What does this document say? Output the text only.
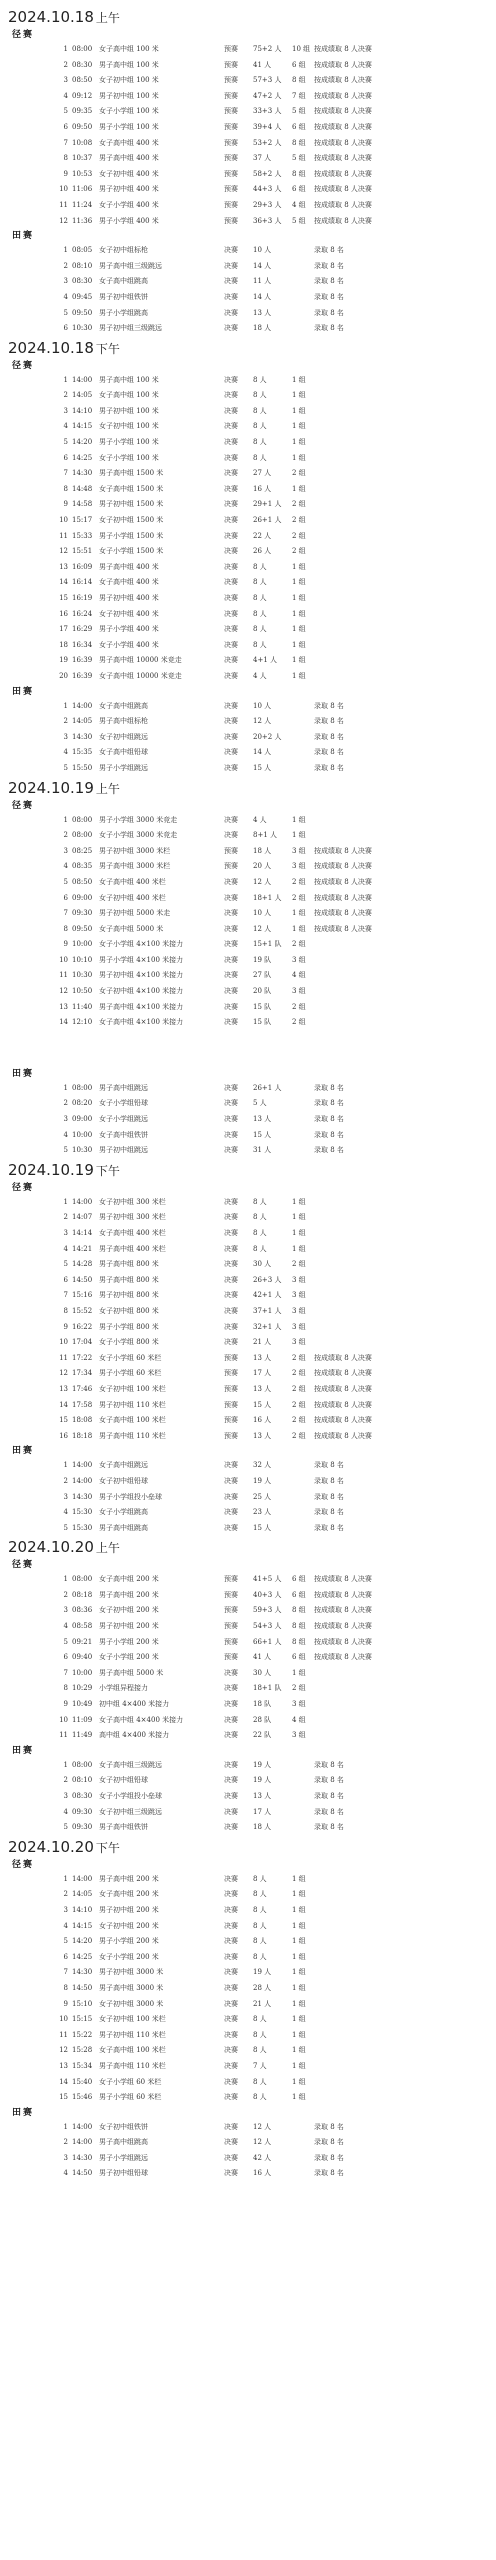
2024.10.18 上午
径赛
1 08:00 女子高中组 100 米	预赛 75+2 人 10 组 按成绩取 8 人决赛
2 08:30 男子高中组 100 米	预赛 41 人	6 组 按成绩取 8 人决赛
3 08:50 女子初中组 100 米	预赛 57+3 人 8 组 按成绩取 8 人决赛
4 09:12 男子初中组 100 米	预赛 47+2 人 7 组 按成绩取 8 人决赛
5 09:35 女子小学组 100 米	预赛 33+3 人 5 组 按成绩取 8 人决赛
6 09:50 男子小学组 100 米	预赛 39+4 人 6 组 按成绩取 8 人决赛
7 10:08 女子高中组 400 米	预赛 53+2 人 8 组 按成绩取 8 人决赛
8 10:37 男子高中组 400 米	预赛 37 人	5 组 按成绩取 8 人决赛
9 10:53 女子初中组 400 米	预赛 58+2 人 8 组 按成绩取 8 人决赛
10 11:06 男子初中组 400 米	预赛 44+3 人 6 组 按成绩取 8 人决赛
11 11:24 女子小学组 400 米	预赛 29+3 人 4 组 按成绩取 8 人决赛
12 11:36 男子小学组 400 米	预赛 36+3 人 5 组 按成绩取 8 人决赛
田赛
1 08:05 女子初中组标枪	决赛 10 人	录取 8 名
2 08:10 男子高中组三级跳远	决赛 14 人	录取 8 名
3 08:30 女子高中组跳高	决赛 11 人	录取 8 名
4 09:45 男子初中组铁饼	决赛 14 人	录取 8 名
5 09:50 男子小学组跳高	决赛 13 人	录取 8 名
6 10:30 男子初中组三级跳远	决赛 18 人	录取 8 名
2024.10.18 下午
径赛
1 14:00 男子高中组 100 米	决赛 8 人	1 组
2 14:05 女子高中组 100 米	决赛 8 人	1 组
3 14:10 男子初中组 100 米	决赛 8 人	1 组
4 14:15 女子初中组 100 米	决赛 8 人	1 组
5 14:20 男子小学组 100 米	决赛 8 人	1 组
6 14:25 女子小学组 100 米	决赛 8 人	1 组
7 14:30 男子高中组 1500 米	决赛 27 人	2 组
8 14:48 女子高中组 1500 米	决赛 16 人	1 组
9 14:58 男子初中组 1500 米	决赛 29+1 人 2 组
10 15:17 女子初中组 1500 米	决赛 26+1 人 2 组
11 15:33 男子小学组 1500 米	决赛 22 人	2 组
12 15:51 女子小学组 1500 米	决赛 26 人	2 组
13 16:09 男子高中组 400 米	决赛 8 人	1 组
14 16:14 女子高中组 400 米	决赛 8 人	1 组
15 16:19 男子初中组 400 米	决赛 8 人	1 组
16 16:24 女子初中组 400 米	决赛 8 人	1 组
17 16:29 男子小学组 400 米	决赛 8 人	1 组
18 16:34 女子小学组 400 米	决赛 8 人	1 组
19 16:39 男子高中组 10000 米竞走	决赛 4+1 人 1 组
20 16:39 女子高中组 10000 米竞走	决赛 4 人	1 组
田赛
1 14:00 女子高中组跳高	决赛 10 人	录取 8 名
2 14:05 男子高中组标枪	决赛 12 人	录取 8 名
3 14:30 女子初中组跳远	决赛 20+2 人	录取 8 名
4 15:35 女子高中组铅球	决赛 14 人	录取 8 名
5 15:50 男子小学组跳远	决赛 15 人	录取 8 名
2024.10.19 上午
径赛
1 08:00 男子小学组 3000 米竞走	决赛 4 人	1 组
2 08:00 女子小学组 3000 米竞走	决赛 8+1 人 1 组
3 08:25 男子初中组 3000 米栏	预赛 18 人	3 组 按成绩取 8 人决赛
4 08:35 男子高中组 3000 米栏	预赛 20 人	3 组 按成绩取 8 人决赛
5 08:50 女子高中组 400 米栏	决赛 12 人	2 组 按成绩取 8 人决赛
6 09:00 女子初中组 400 米栏	决赛 18+1 人 2 组 按成绩取 8 人决赛
7 09:30 男子初中组 5000 米走	决赛 10 人	1 组 按成绩取 8 人决赛
8 09:50 女子高中组 5000 米	决赛 12 人	1 组 按成绩取 8 人决赛
9 10:00 女子小学组 4×100 米接力	决赛 15+1 队 2 组
10 10:10 男子小学组 4×100 米接力	决赛 19 队	3 组
11 10:30 男子初中组 4×100 米接力	决赛 27 队	4 组
12 10:50 女子初中组 4×100 米接力	决赛 20 队	3 组
13 11:40 男子高中组 4×100 米接力	决赛 15 队	2 组
14 12:10 女子高中组 4×100 米接力	决赛 15 队	2 组
田赛
1 08:00 男子高中组跳远	决赛 26+1 人	录取 8 名
2 08:20 女子小学组铅球	决赛 5 人	录取 8 名
3 09:00 女子小学组跳远	决赛 13 人	录取 8 名
4 10:00 女子高中组铁饼	决赛 15 人	录取 8 名
5 10:30 男子初中组跳远	决赛 31 人	录取 8 名
2024.10.19 下午
径赛
1 14:00 女子初中组 300 米栏	决赛 8 人	1 组
2 14:07 男子初中组 300 米栏	决赛 8 人	1 组
3 14:14 女子高中组 400 米栏	决赛 8 人	1 组
4 14:21 男子高中组 400 米栏	决赛 8 人	1 组
5 14:28 男子高中组 800 米	决赛 30 人	2 组
6 14:50 男子高中组 800 米	决赛 26+3 人 3 组
7 15:16 男子初中组 800 米	决赛 42+1 人 3 组
8 15:52 女子初中组 800 米	决赛 37+1 人 3 组
9 16:22 男子小学组 800 米	决赛 32+1 人 3 组
10 17:04 女子小学组 800 米	决赛 21 人	3 组
11 17:22 女子小学组 60 米栏	预赛 13 人	2 组 按成绩取 8 人决赛
12 17:34 男子小学组 60 米栏	预赛 17 人	2 组 按成绩取 8 人决赛
13 17:46 女子初中组 100 米栏	预赛 13 人	2 组 按成绩取 8 人决赛
14 17:58 男子初中组 110 米栏	预赛 15 人	2 组 按成绩取 8 人决赛
15 18:08 女子高中组 100 米栏	预赛 16 人	2 组 按成绩取 8 人决赛
16 18:18 男子高中组 110 米栏	预赛 13 人	2 组 按成绩取 8 人决赛
田赛
1 14:00 女子高中组跳远	决赛 32 人	录取 8 名
2 14:00 女子初中组铅球	决赛 19 人	录取 8 名
3 14:30 男子小学组投小垒球	决赛 25 人	录取 8 名
4 15:30 女子小学组跳高	决赛 23 人	录取 8 名
5 15:30 男子高中组跳高	决赛 15 人	录取 8 名
2024.10.20 上午
径赛
1 08:00 女子高中组 200 米	预赛 41+5 人 6 组 按成绩取 8 人决赛
2 08:18 男子高中组 200 米	预赛 40+3 人 6 组 按成绩取 8 人决赛
3 08:36 女子初中组 200 米	预赛 59+3 人 8 组 按成绩取 8 人决赛
4 08:58 男子初中组 200 米	预赛 54+3 人 8 组 按成绩取 8 人决赛
5 09:21 男子小学组 200 米	预赛 66+1 人 8 组 按成绩取 8 人决赛
6 09:40 女子小学组 200 米	预赛 41 人	6 组 按成绩取 8 人决赛
7 10:00 男子高中组 5000 米	决赛 30 人	1 组
8 10:29 小学组异程接力	决赛 18+1 队 2 组
9 10:49 初中组 4×400 米接力	决赛 18 队	3 组
10 11:09 女子高中组 4×400 米接力	决赛 28 队	4 组
11 11:49 高中组 4×400 米接力	决赛 22 队	3 组
田赛
1 08:00 女子高中组三级跳远	决赛 19 人	录取 8 名
2 08:10 女子初中组铅球	决赛 19 人	录取 8 名
3 08:30 女子小学组投小垒球	决赛 13 人	录取 8 名
4 09:30 女子初中组三级跳远	决赛 17 人	录取 8 名
5 09:30 男子高中组铁饼	决赛 18 人	录取 8 名
2024.10.20 下午
径赛
1 14:00 男子高中组 200 米	决赛 8 人	1 组
2 14:05 女子高中组 200 米	决赛 8 人	1 组
3 14:10 男子初中组 200 米	决赛 8 人	1 组
4 14:15 女子初中组 200 米	决赛 8 人	1 组
5 14:20 男子小学组 200 米	决赛 8 人	1 组
6 14:25 女子小学组 200 米	决赛 8 人	1 组
7 14:30 男子初中组 3000 米	决赛 19 人	1 组
8 14:50 男子高中组 3000 米	决赛 28 人	1 组
9 15:10 女子初中组 3000 米	决赛 21 人	1 组
10 15:15 女子初中组 100 米栏	决赛 8 人	1 组
11 15:22 男子初中组 110 米栏	决赛 8 人	1 组
12 15:28 女子高中组 100 米栏	决赛 8 人	1 组
13 15:34 男子高中组 110 米栏	决赛 7 人	1 组
14 15:40 女子小学组 60 米栏	决赛 8 人	1 组
15 15:46 男子小学组 60 米栏	决赛 8 人	1 组
田赛
1 14:00 女子初中组铁饼	决赛 12 人	录取 8 名
2 14:00 男子高中组跳高	决赛 12 人	录取 8 名
3 14:30 男子小学组跳远	决赛 42 人	录取 8 名
4 14:50 男子初中组铅球	决赛 16 人	录取 8 名
